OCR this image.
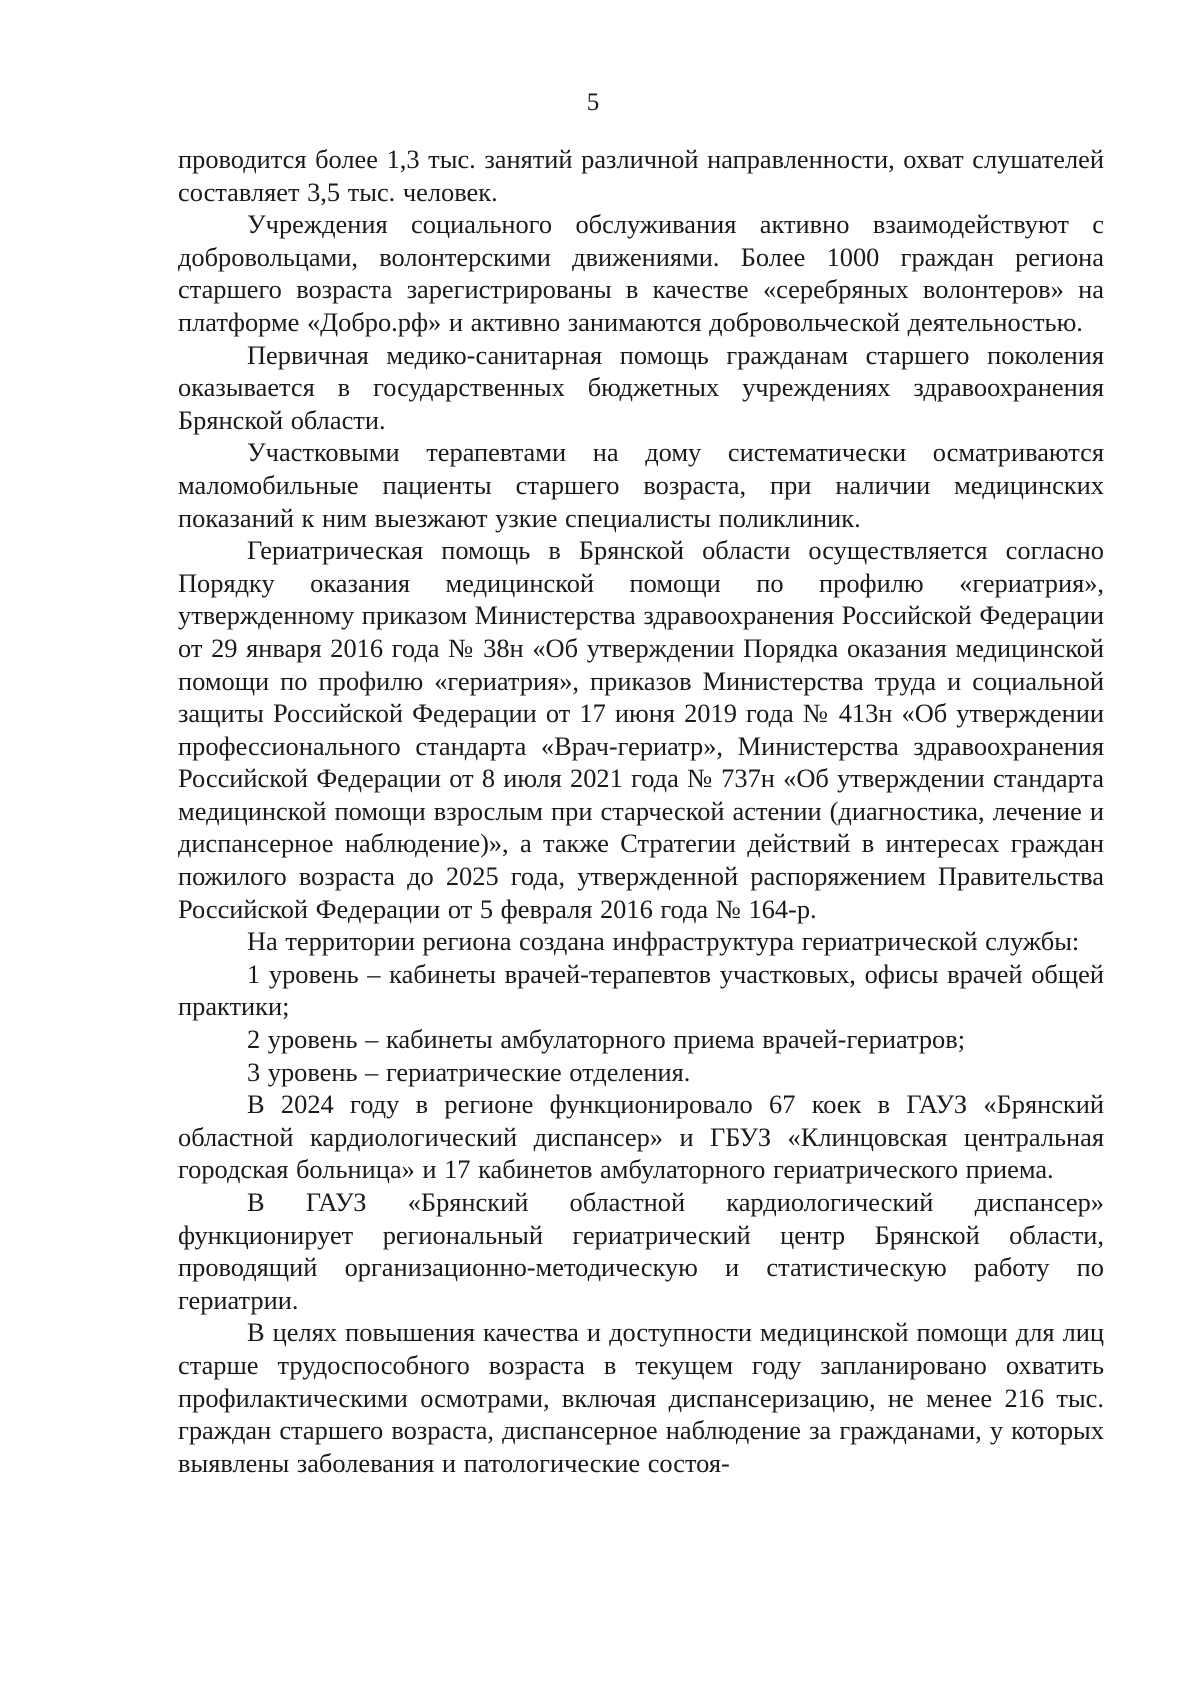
5

проводится более 1,3 тыс. занятий различной направленности, охват слушателей составляет 3,5 тыс. человек.

Учреждения социального обслуживания активно взаимодействуют с добровольцами, волонтерскими движениями. Более 1000 граждан региона старшего возраста зарегистрированы в качестве «серебряных волонтеров» на платформе «Добро.рф» и активно занимаются добровольческой деятельностью.

Первичная медико-санитарная помощь гражданам старшего поколения оказывается в государственных бюджетных учреждениях здравоохранения Брянской области.

Участковыми терапевтами на дому систематически осматриваются маломобильные пациенты старшего возраста, при наличии медицинских показаний к ним выезжают узкие специалисты поликлиник.

Гериатрическая помощь в Брянской области осуществляется согласно Порядку оказания медицинской помощи по профилю «гериатрия», утвержденному приказом Министерства здравоохранения Российской Федерации от 29 января 2016 года № 38н «Об утверждении Порядка оказания медицинской помощи по профилю «гериатрия», приказов Министерства труда и социальной защиты Российской Федерации от 17 июня 2019 года № 413н «Об утверждении профессионального стандарта «Врач-гериатр», Министерства здравоохранения Российской Федерации от 8 июля 2021 года № 737н «Об утверждении стандарта медицинской помощи взрослым при старческой астении (диагностика, лечение и диспансерное наблюдение)», а также Стратегии действий в интересах граждан пожилого возраста до 2025 года, утвержденной распоряжением Правительства Российской Федерации от 5 февраля 2016 года № 164-р.

На территории региона создана инфраструктура гериатрической службы:

1 уровень – кабинеты врачей-терапевтов участковых, офисы врачей общей практики;

2 уровень – кабинеты амбулаторного приема врачей-гериатров;

3 уровень – гериатрические отделения.

В 2024 году в регионе функционировало 67 коек в ГАУЗ «Брянский областной кардиологический диспансер» и ГБУЗ «Клинцовская центральная городская больница» и 17 кабинетов амбулаторного гериатрического приема.

В ГАУЗ «Брянский областной кардиологический диспансер» функционирует региональный гериатрический центр Брянской области, проводящий организационно-методическую и статистическую работу по гериатрии.

В целях повышения качества и доступности медицинской помощи для лиц старше трудоспособного возраста в текущем году запланировано охватить профилактическими осмотрами, включая диспансеризацию, не менее 216 тыс. граждан старшего возраста, диспансерное наблюдение за гражданами, у которых выявлены заболевания и патологические состоя-
